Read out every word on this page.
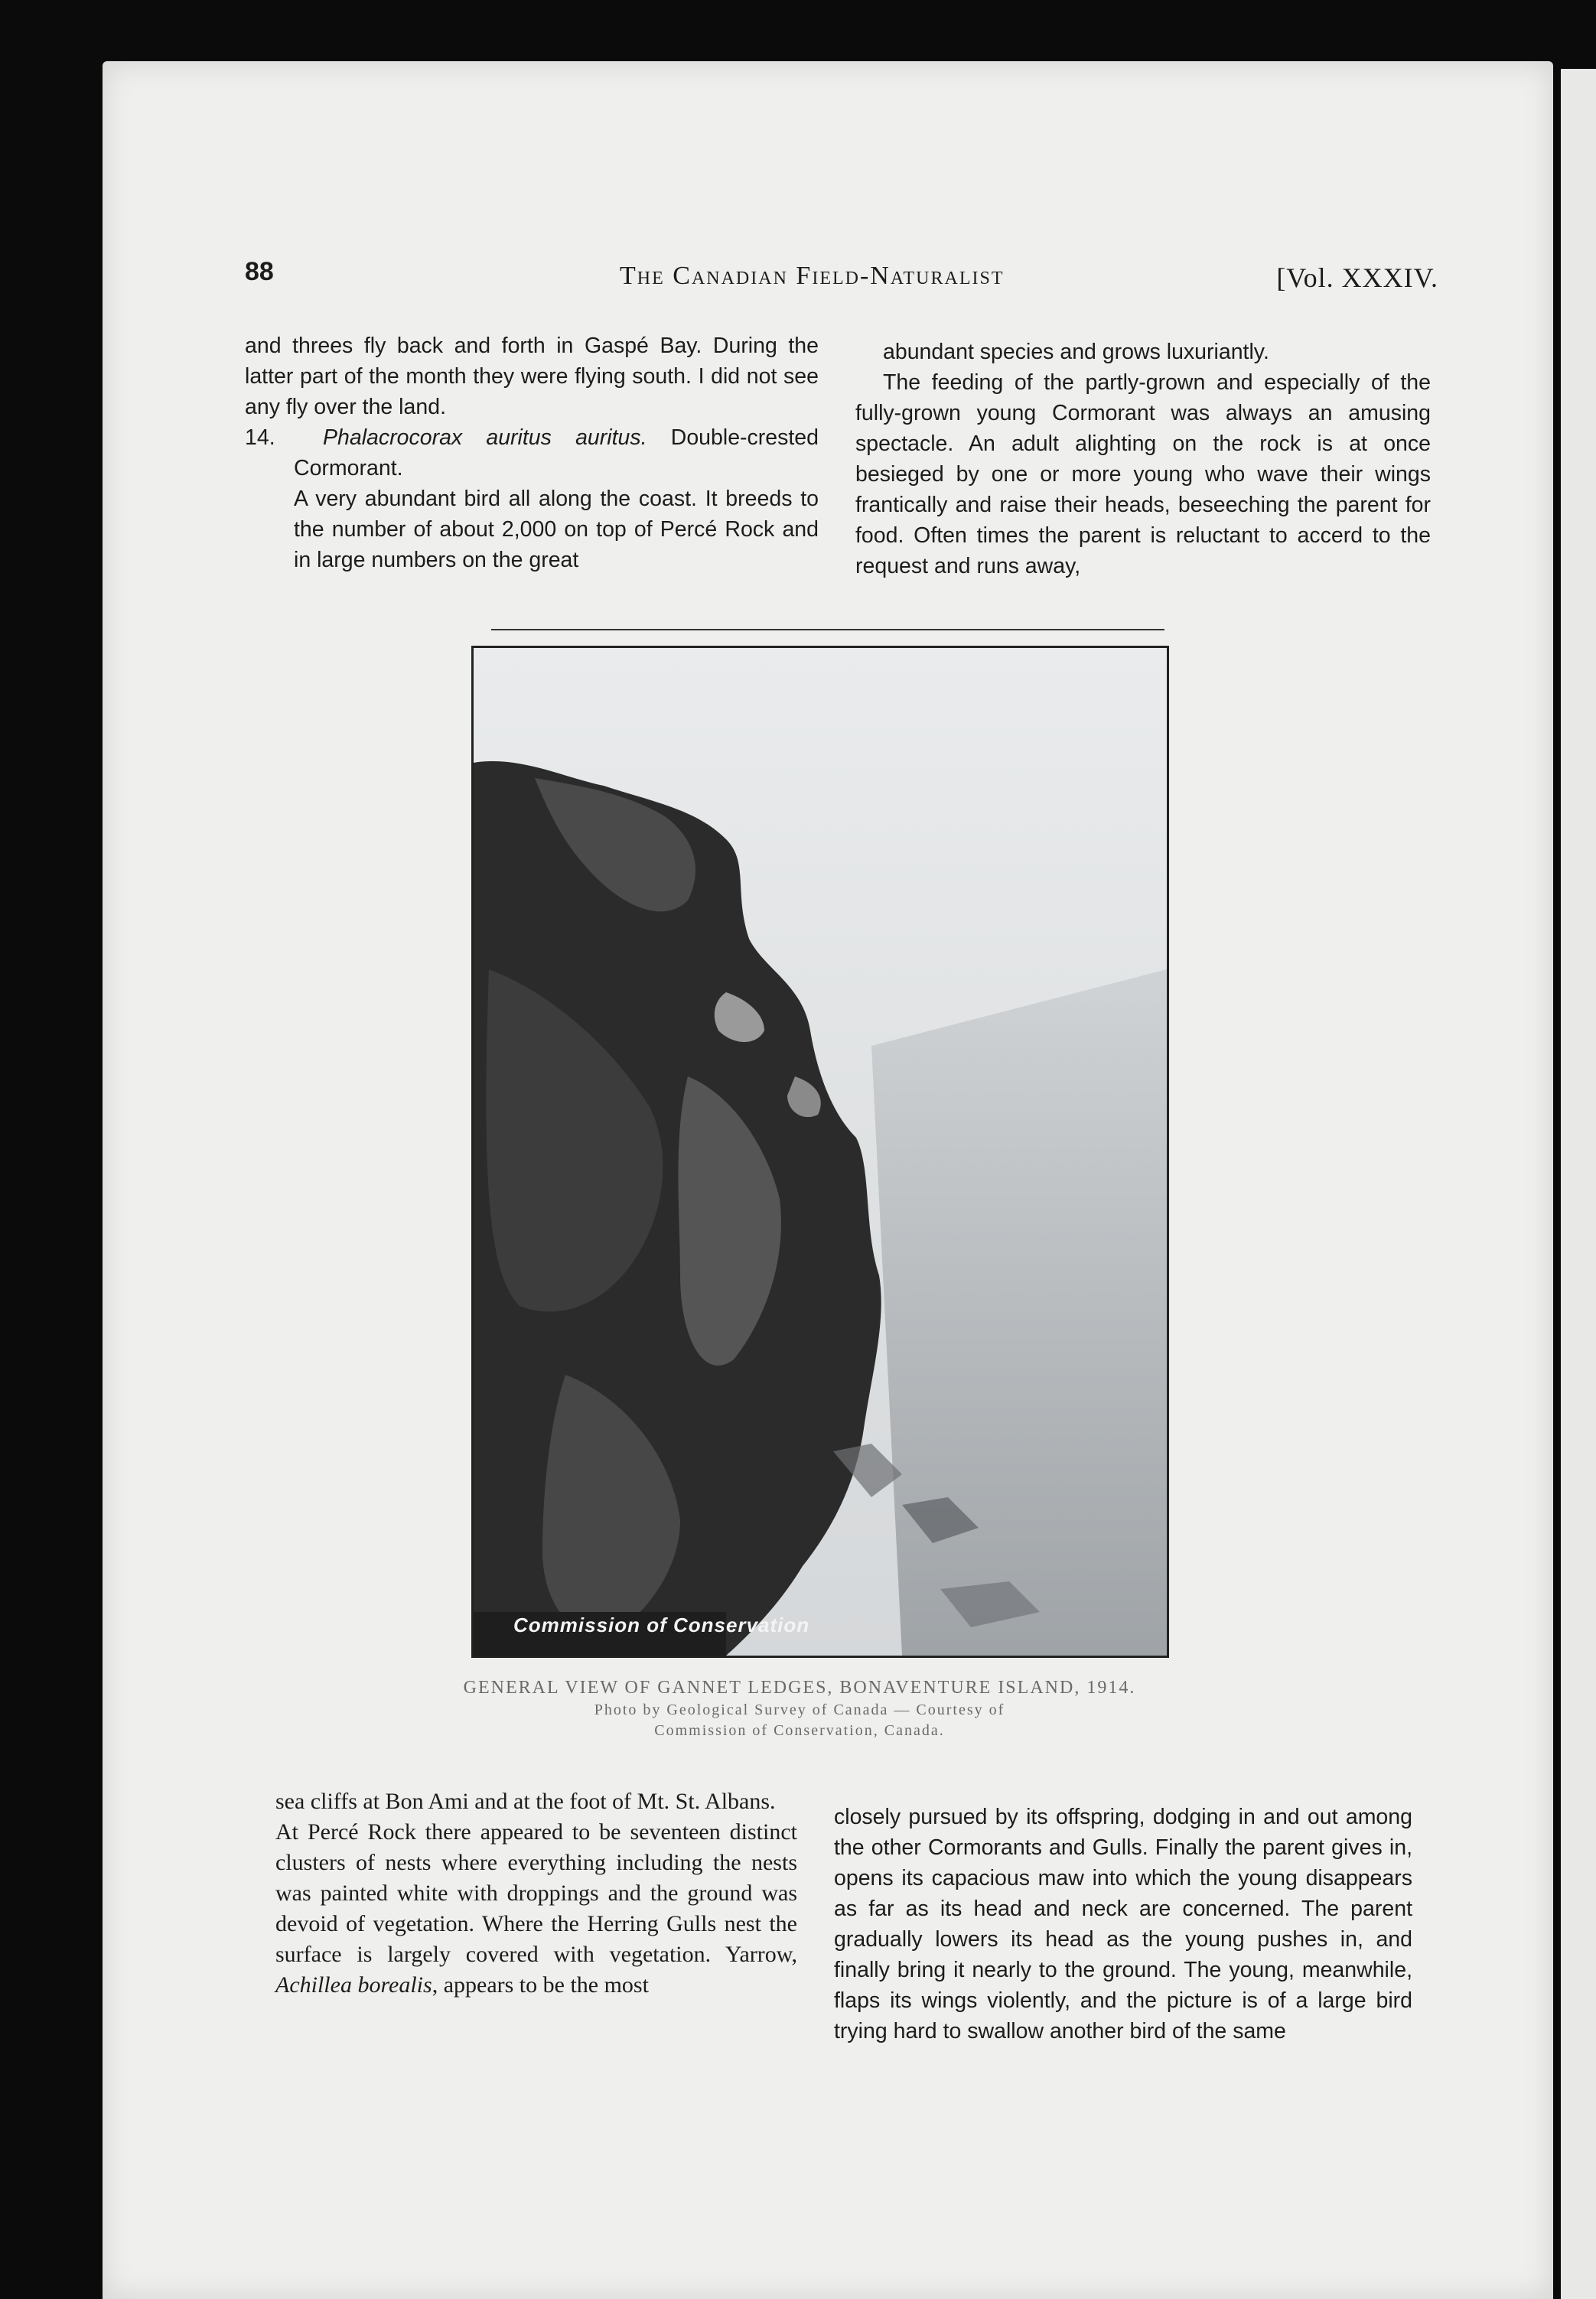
88	The Canadian Field-Naturalist	[Vol. XXXIV.

and threes fly back and forth in Gaspé Bay. During the latter part of the month they were flying south. I did not see any fly over the land.

14. Phalacrocorax auritus auritus. Double-crested Cormorant.

A very abundant bird all along the coast. It breeds to the number of about 2,000 on top of Percé Rock and in large numbers on the great

abundant species and grows luxuriantly.

The feeding of the partly-grown and especially of the fully-grown young Cormorant was always an amusing spectacle. An adult alighting on the rock is at once besieged by one or more young who wave their wings frantically and raise their heads, beseeching the parent for food. Often times the parent is reluctant to accerd to the request and runs away,

Commission of Conservation
GENERAL VIEW OF GANNET LEDGES, BONAVENTURE ISLAND, 1914.
Photo by Geological Survey of Canada — Courtesy of
Commission of Conservation, Canada.

sea cliffs at Bon Ami and at the foot of Mt. St. Albans.

At Percé Rock there appeared to be seventeen distinct clusters of nests where everything including the nests was painted white with droppings and the ground was devoid of vegetation. Where the Herring Gulls nest the surface is largely covered with vegetation. Yarrow, Achillea borealis, appears to be the most

closely pursued by its offspring, dodging in and out among the other Cormorants and Gulls. Finally the parent gives in, opens its capacious maw into which the young disappears as far as its head and neck are concerned. The parent gradually lowers its head as the young pushes in, and finally bring it nearly to the ground. The young, meanwhile, flaps its wings violently, and the picture is of a large bird trying hard to swallow another bird of the same
